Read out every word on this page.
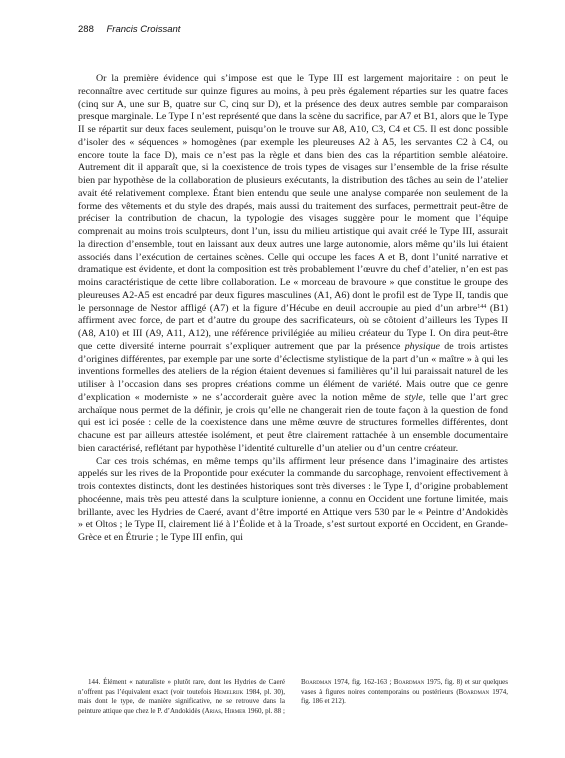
288 Francis Croissant

Or la première évidence qui s’impose est que le Type III est largement majoritaire : on peut le reconnaître avec certitude sur quinze figures au moins, à peu près également réparties sur les quatre faces (cinq sur A, une sur B, quatre sur C, cinq sur D), et la présence des deux autres semble par comparaison presque marginale. Le Type I n’est représenté que dans la scène du sacrifice, par A7 et B1, alors que le Type II se répartit sur deux faces seulement, puisqu’on le trouve sur A8, A10, C3, C4 et C5. Il est donc possible d’isoler des « séquences » homogènes (par exemple les pleureuses A2 à A5, les servantes C2 à C4, ou encore toute la face D), mais ce n’est pas la règle et dans bien des cas la répartition semble aléatoire. Autrement dit il apparaît que, si la coexistence de trois types de visages sur l’ensemble de la frise résulte bien par hypothèse de la collaboration de plusieurs exécutants, la distribution des tâches au sein de l’atelier avait été relativement complexe. Étant bien entendu que seule une analyse comparée non seulement de la forme des vêtements et du style des drapés, mais aussi du traitement des surfaces, permettrait peut-être de préciser la contribution de chacun, la typologie des visages suggère pour le moment que l’équipe comprenait au moins trois sculpteurs, dont l’un, issu du milieu artistique qui avait créé le Type III, assurait la direction d’ensemble, tout en laissant aux deux autres une large autonomie, alors même qu’ils lui étaient associés dans l’exécution de certaines scènes. Celle qui occupe les faces A et B, dont l’unité narrative et dramatique est évidente, et dont la composition est très probablement l’œuvre du chef d’atelier, n’en est pas moins caractéristique de cette libre collaboration. Le « morceau de bravoure » que constitue le groupe des pleureuses A2-A5 est encadré par deux figures masculines (A1, A6) dont le profil est de Type II, tandis que le personnage de Nestor affligé (A7) et la figure d’Hécube en deuil accroupie au pied d’un arbre$^{144}$ (B1) affirment avec force, de part et d’autre du groupe des sacrificateurs, où se côtoient d’ailleurs les Types II (A8, A10) et III (A9, A11, A12), une référence privilégiée au milieu créateur du Type I. On dira peut-être que cette diversité interne pourrait s’expliquer autrement que par la présence physique de trois artistes d’origines différentes, par exemple par une sorte d’éclectisme stylistique de la part d’un « maître » à qui les inventions formelles des ateliers de la région étaient devenues si familières qu’il lui paraissait naturel de les utiliser à l’occasion dans ses propres créations comme un élément de variété. Mais outre que ce genre d’explication « moderniste » ne s’accorderait guère avec la notion même de style, telle que l’art grec archaïque nous permet de la définir, je crois qu’elle ne changerait rien de toute façon à la question de fond qui est ici posée : celle de la coexistence dans une même œuvre de structures formelles différentes, dont chacune est par ailleurs attestée isolément, et peut être clairement rattachée à un ensemble documentaire bien caractérisé, reflétant par hypothèse l’identité culturelle d’un atelier ou d’un centre créateur.

Car ces trois schémas, en même temps qu’ils affirment leur présence dans l’imaginaire des artistes appelés sur les rives de la Propontide pour exécuter la commande du sarcophage, renvoient effectivement à trois contextes distincts, dont les destinées historiques sont très diverses : le Type I, d’origine probablement phocéenne, mais très peu attesté dans la sculpture ionienne, a connu en Occident une fortune limitée, mais brillante, avec les Hydries de Caeré, avant d’être importé en Attique vers 530 par le « Peintre d’Andokidès » et Oltos ; le Type II, clairement lié à l’Éolide et à la Troade, s’est surtout exporté en Occident, en Grande-Grèce et en Étrurie ; le Type III enfin, qui

144. Élément « naturaliste » plutôt rare, dont les Hydries de Caeré n’offrent pas l’équivalent exact (voir toutefois Hemelrijk 1984, pl. 30), mais dont le type, de manière significative, ne se retrouve dans la peinture attique que chez le P. d’Andokidès (Arias, Hirmer 1960, pl. 88 ; Boardman 1974, fig. 162-163 ; Boardman 1975, fig. 8) et sur quelques vases à figures noires contemporains ou postérieurs (Boardman 1974, fig. 186 et 212).
